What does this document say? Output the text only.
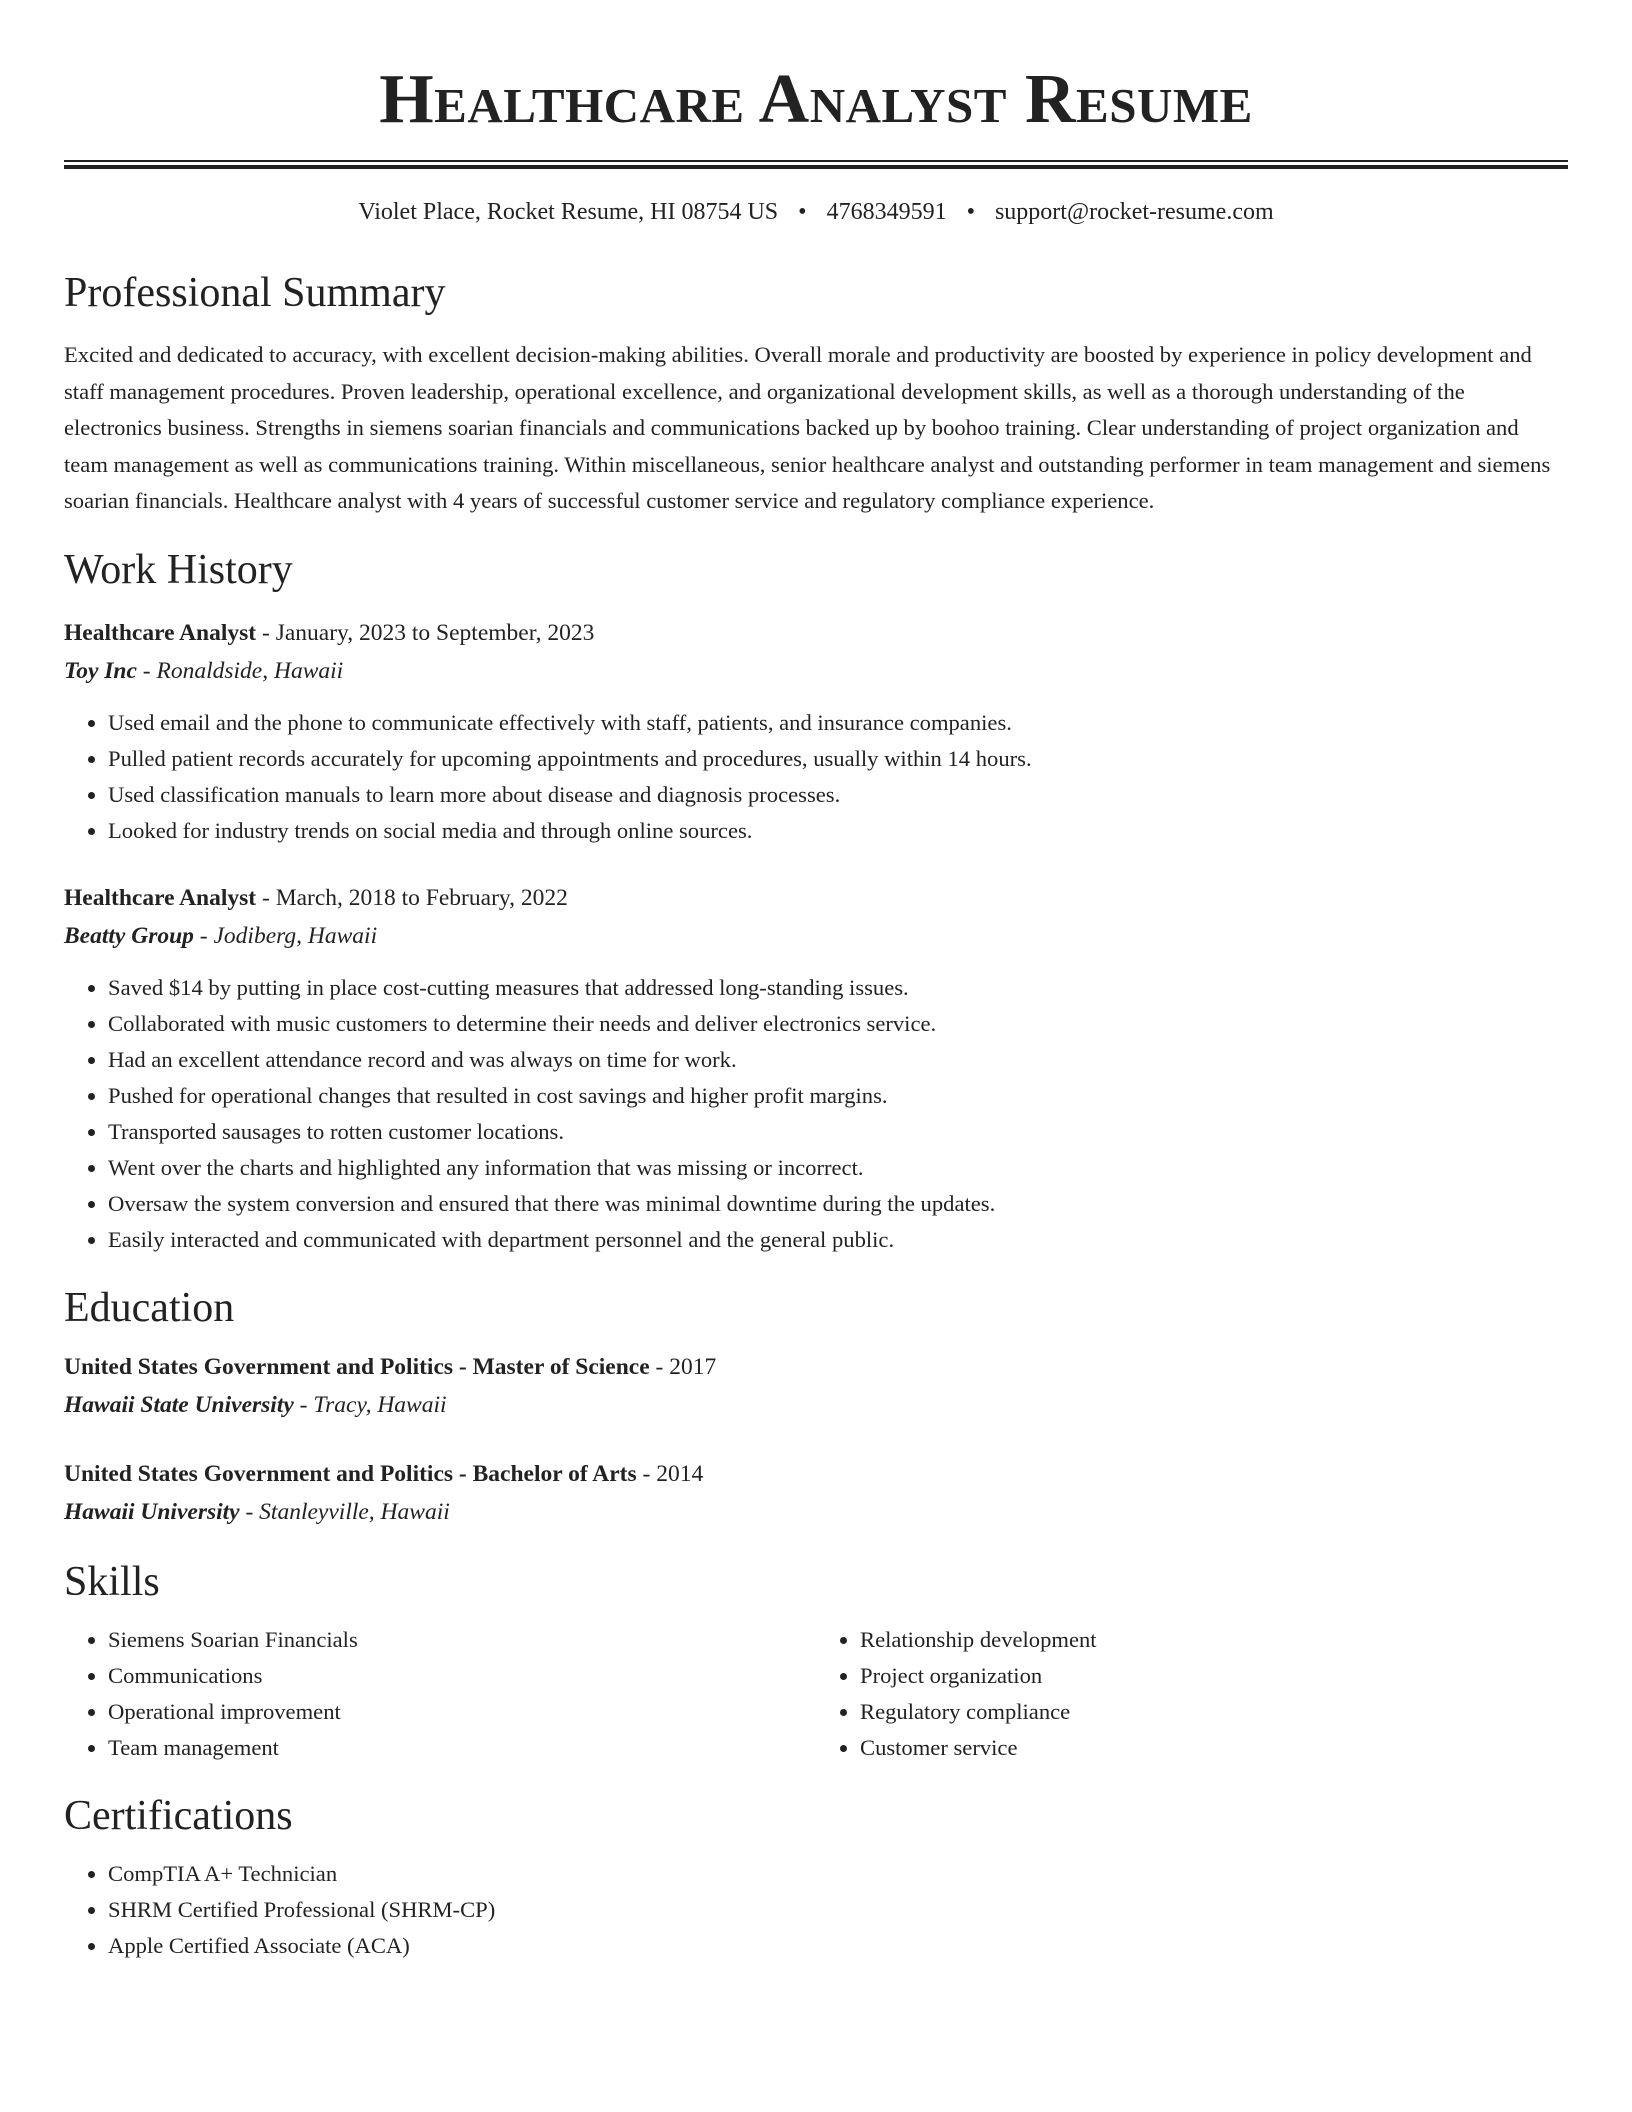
Healthcare Analyst Resume
Violet Place, Rocket Resume, HI 08754 US • 4768349591 • support@rocket-resume.com
Professional Summary

Excited and dedicated to accuracy, with excellent decision-making abilities. Overall morale and productivity are boosted by experience in policy development and staff management procedures. Proven leadership, operational excellence, and organizational development skills, as well as a thorough understanding of the electronics business. Strengths in siemens soarian financials and communications backed up by boohoo training. Clear understanding of project organization and team management as well as communications training. Within miscellaneous, senior healthcare analyst and outstanding performer in team management and siemens soarian financials. Healthcare analyst with 4 years of successful customer service and regulatory compliance experience.

Work History
Healthcare Analyst - January, 2023 to September, 2023
Toy Inc - Ronaldside, Hawaii
• Used email and the phone to communicate effectively with staff, patients, and insurance companies.
• Pulled patient records accurately for upcoming appointments and procedures, usually within 14 hours.
• Used classification manuals to learn more about disease and diagnosis processes.
• Looked for industry trends on social media and through online sources.
Healthcare Analyst - March, 2018 to February, 2022
Beatty Group - Jodiberg, Hawaii
• Saved $14 by putting in place cost-cutting measures that addressed long-standing issues.
• Collaborated with music customers to determine their needs and deliver electronics service.
• Had an excellent attendance record and was always on time for work.
• Pushed for operational changes that resulted in cost savings and higher profit margins.
• Transported sausages to rotten customer locations.
• Went over the charts and highlighted any information that was missing or incorrect.
• Oversaw the system conversion and ensured that there was minimal downtime during the updates.
• Easily interacted and communicated with department personnel and the general public.
Education
United States Government and Politics - Master of Science - 2017
Hawaii State University - Tracy, Hawaii
United States Government and Politics - Bachelor of Arts - 2014
Hawaii University - Stanleyville, Hawaii
Skills
• Siemens Soarian Financials
• Communications
• Operational improvement
• Team management
• Relationship development
• Project organization
• Regulatory compliance
• Customer service
Certifications
• CompTIA A+ Technician
• SHRM Certified Professional (SHRM-CP)
• Apple Certified Associate (ACA)
